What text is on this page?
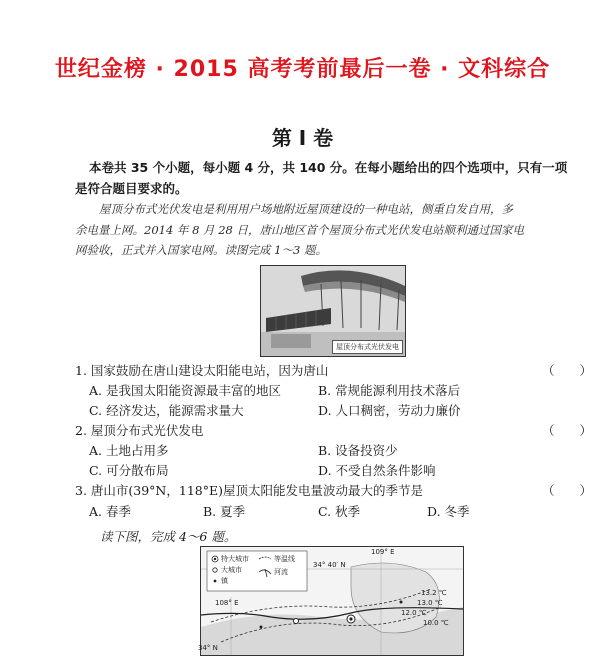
世纪金榜 · 2015 高考考前最后一卷 · 文科综合
第 I 卷
本卷共 35 个小题，每小题 4 分，共 140 分。在每小题给出的四个选项中，只有一项
是符合题目要求的。
屋顶分布式光伏发电是利用用户场地附近屋顶建设的一种电站，侧重自发自用，多
余电量上网。2014 年 8 月 28 日，唐山地区首个屋顶分布式光伏发电站顺利通过国家电
网验收，正式并入国家电网。读图完成 1～3 题。
屋顶分布式光伏发电
1. 国家鼓励在唐山建设太阳能电站，因为唐山	（　　）
A. 是我国太阳能资源最丰富的地区	B. 常规能源利用技术落后
C. 经济发达，能源需求量大	D. 人口稠密，劳动力廉价
2. 屋顶分布式光伏发电	（　　）
A. 土地占用多	B. 设备投资少
C. 可分散布局	D. 不受自然条件影响
3. 唐山市(39°N，118°E)屋顶太阳能发电量波动最大的季节是	（　　）
A. 春季	B. 夏季	C. 秋季	D. 冬季
读下图，完成 4～6 题。
特大城市
大城市
镇
等温线
河流
109° E
34° 40′ N
108° E
13.2 ℃
13.0 ℃
12.0 ℃
10.0 ℃
34° N
